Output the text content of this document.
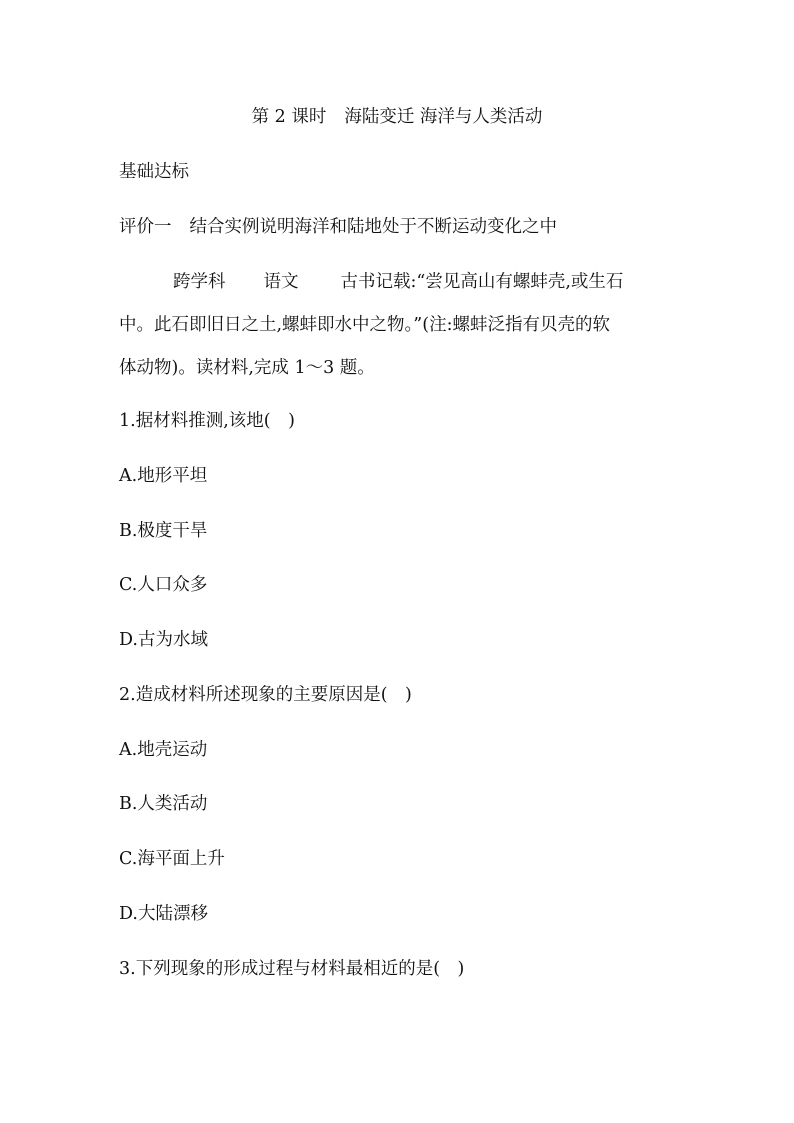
第 2 课时 海陆变迁 海洋与人类活动
基础达标
评价一 结合实例说明海洋和陆地处于不断运动变化之中
跨学科 语文 古书记载:“尝见高山有螺蚌壳,或生石
中。此石即旧日之土,螺蚌即水中之物。”(注:螺蚌泛指有贝壳的软
体动物)。读材料,完成 1～3 题。
1.据材料推测,该地(　)
A.地形平坦
B.极度干旱
C.人口众多
D.古为水域
2.造成材料所述现象的主要原因是(　)
A.地壳运动
B.人类活动
C.海平面上升
D.大陆漂移
3.下列现象的形成过程与材料最相近的是(　)
